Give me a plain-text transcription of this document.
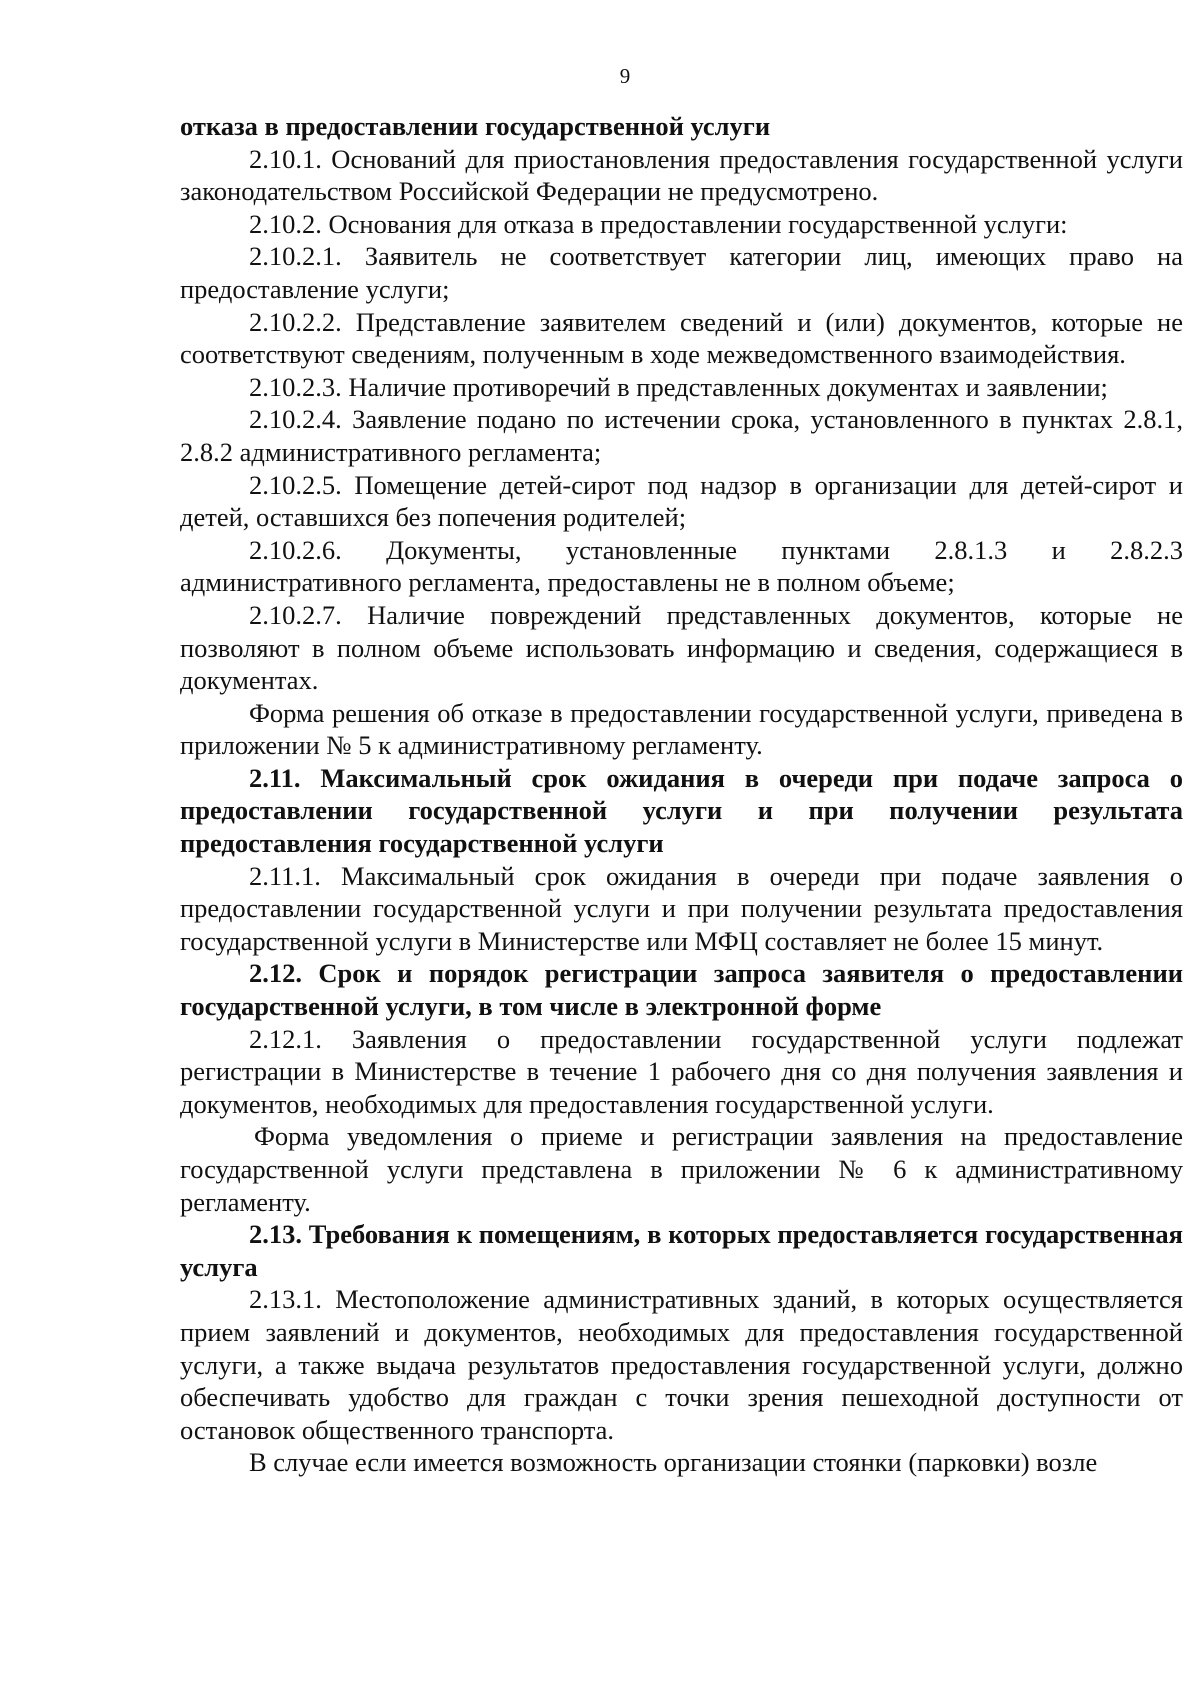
9

отказа в предоставлении государственной услуги

2.10.1. Оснований для приостановления предоставления государственной услуги законодательством Российской Федерации не предусмотрено.

2.10.2. Основания для отказа в предоставлении государственной услуги:

2.10.2.1. Заявитель не соответствует категории лиц, имеющих право на предоставление услуги;

2.10.2.2. Представление заявителем сведений и (или) документов, которые не соответствуют сведениям, полученным в ходе межведомственного взаимодействия.

2.10.2.3. Наличие противоречий в представленных документах и заявлении;

2.10.2.4. Заявление подано по истечении срока, установленного в пунктах 2.8.1, 2.8.2 административного регламента;

2.10.2.5. Помещение детей-сирот под надзор в организации для детей-сирот и детей, оставшихся без попечения родителей;

2.10.2.6. Документы, установленные пунктами 2.8.1.3 и 2.8.2.3 административного регламента, предоставлены не в полном объеме;

2.10.2.7. Наличие повреждений представленных документов, которые не позволяют в полном объеме использовать информацию и сведения, содержащиеся в документах.

Форма решения об отказе в предоставлении государственной услуги, приведена в приложении № 5 к административному регламенту.

2.11. Максимальный срок ожидания в очереди при подаче запроса о предоставлении государственной услуги и при получении результата предоставления государственной услуги

2.11.1. Максимальный срок ожидания в очереди при подаче заявления о предоставлении государственной услуги и при получении результата предоставления государственной услуги в Министерстве или МФЦ составляет не более 15 минут.

2.12. Срок и порядок регистрации запроса заявителя о предоставлении государственной услуги, в том числе в электронной форме

2.12.1. Заявления о предоставлении государственной услуги подлежат регистрации в Министерстве в течение 1 рабочего дня со дня получения заявления и документов, необходимых для предоставления государственной услуги.

Форма уведомления о приеме и регистрации заявления на предоставление государственной услуги представлена в приложении № 6 к административному регламенту.

2.13. Требования к помещениям, в которых предоставляется государственная услуга

2.13.1. Местоположение административных зданий, в которых осуществляется прием заявлений и документов, необходимых для предоставления государственной услуги, а также выдача результатов предоставления государственной услуги, должно обеспечивать удобство для граждан с точки зрения пешеходной доступности от остановок общественного транспорта.

В случае если имеется возможность организации стоянки (парковки) возле
